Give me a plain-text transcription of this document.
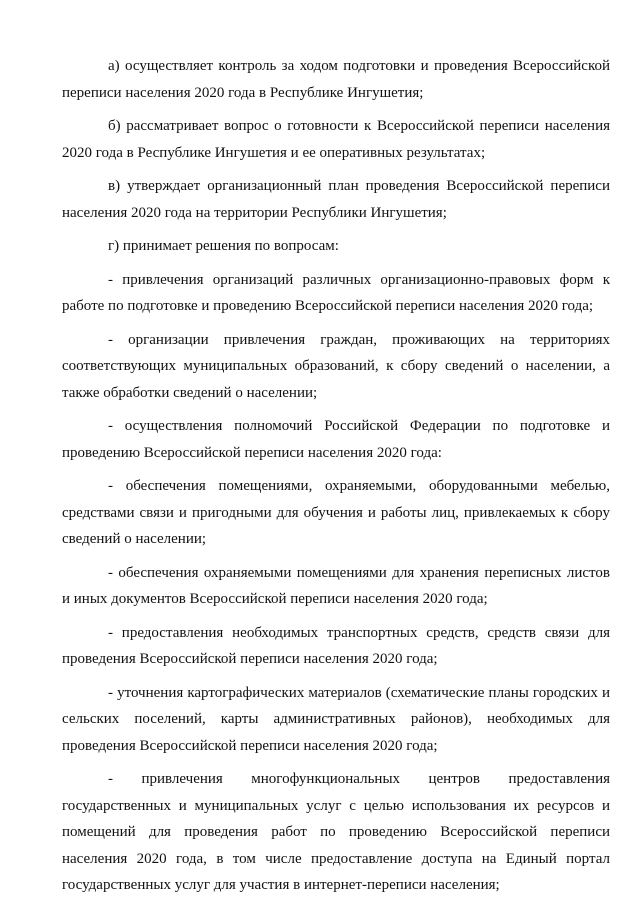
а) осуществляет контроль за ходом подготовки и проведения Всероссийской переписи населения 2020 года в Республике Ингушетия;

б) рассматривает вопрос о готовности к Всероссийской переписи населения 2020 года в Республике Ингушетия и ее оперативных результатах;

в) утверждает организационный план проведения Всероссийской переписи населения 2020 года на территории Республики Ингушетия;

г) принимает решения по вопросам:

- привлечения организаций различных организационно-правовых форм к работе по подготовке и проведению Всероссийской переписи населения 2020 года;

- организации привлечения граждан, проживающих на территориях соответствующих муниципальных образований, к сбору сведений о населении, а также обработки сведений о населении;

- осуществления полномочий Российской Федерации по подготовке и проведению Всероссийской переписи населения 2020 года:

- обеспечения помещениями, охраняемыми, оборудованными мебелью, средствами связи и пригодными для обучения и работы лиц, привлекаемых к сбору сведений о населении;

- обеспечения охраняемыми помещениями для хранения переписных листов и иных документов Всероссийской переписи населения 2020 года;

- предоставления необходимых транспортных средств, средств связи для проведения Всероссийской переписи населения 2020 года;

- уточнения картографических материалов (схематические планы городских и сельских поселений, карты административных районов), необходимых для проведения Всероссийской переписи населения 2020 года;

- привлечения многофункциональных центров предоставления государственных и муниципальных услуг с целью использования их ресурсов и помещений для проведения работ по проведению Всероссийской переписи населения 2020 года, в том числе предоставление доступа на Единый портал государственных услуг для участия в интернет-переписи населения;
